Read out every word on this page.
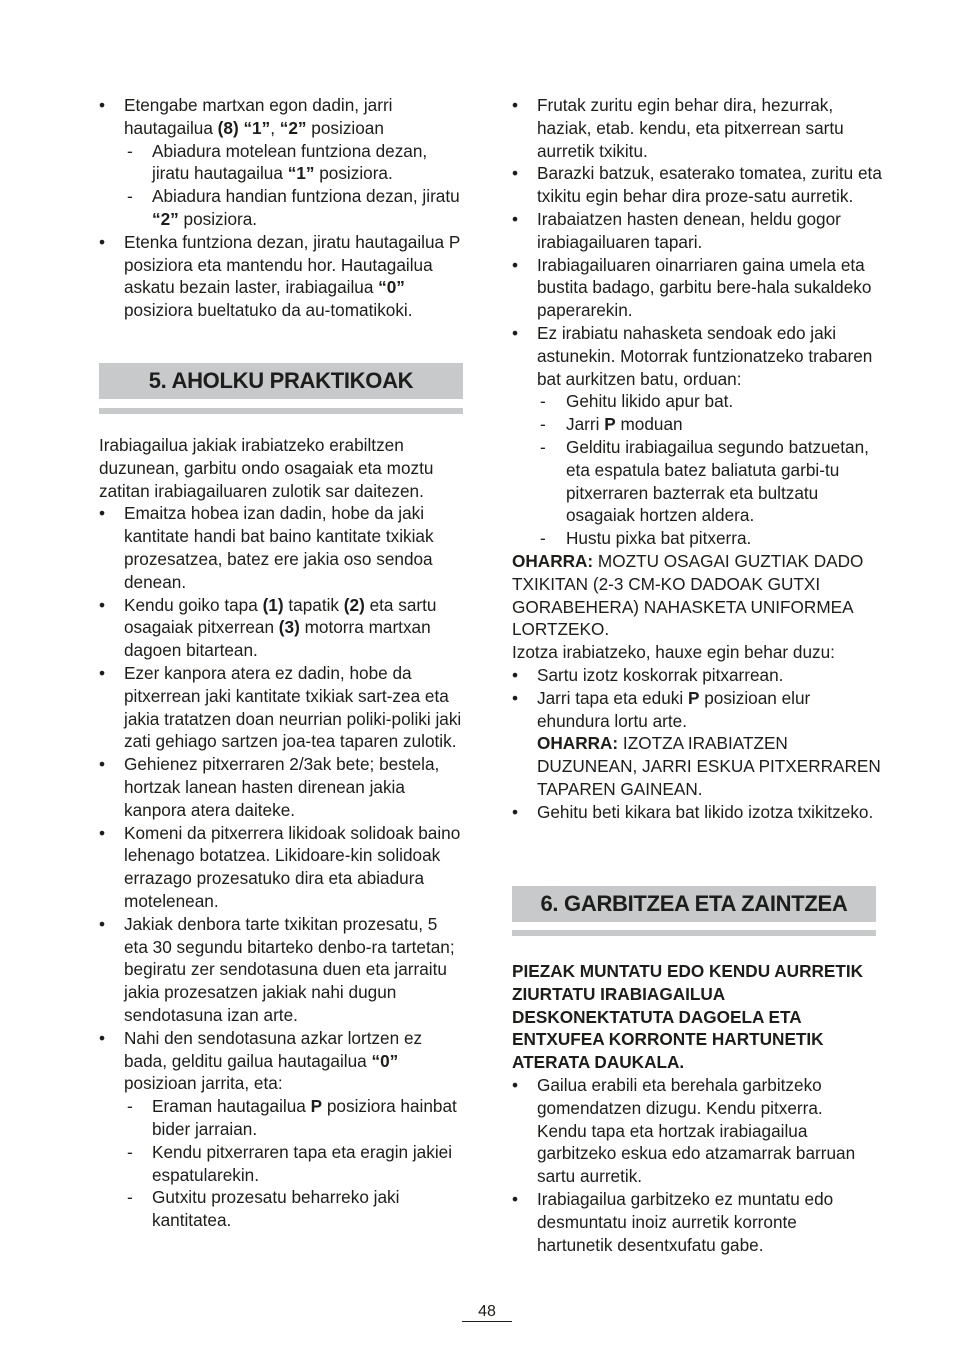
• Etengabe martxan egon dadin, jarri hautagailua (8) “1”, “2” posizioan

- Abiadura motelean funtziona dezan, jiratu hautagailua “1” posiziora.

- Abiadura handian funtziona dezan, jiratu “2” posiziora.

• Etenka funtziona dezan, jiratu hautagailua P posiziora eta mantendu hor. Hautagailua askatu bezain laster, irabiagailua “0” posiziora bueltatuko da au-tomatikoki.

5. AHOLKU PRAKTIKOAK

Irabiagailua jakiak irabiatzeko erabiltzen duzunean, garbitu ondo osagaiak eta moztu zatitan irabiagailuaren zulotik sar daitezen.

• Emaitza hobea izan dadin, hobe da jaki kantitate handi bat baino kantitate txikiak prozesatzea, batez ere jakia oso sendoa denean.

• Kendu goiko tapa (1) tapatik (2) eta sartu osagaiak pitxerrean (3) motorra martxan dagoen bitartean.

• Ezer kanpora atera ez dadin, hobe da pitxerrean jaki kantitate txikiak sart-zea eta jakia tratatzen doan neurrian poliki-poliki jaki zati gehiago sartzen joa-tea taparen zulotik.

• Gehienez pitxerraren 2/3ak bete; bestela, hortzak lanean hasten direnean jakia kanpora atera daiteke.

• Komeni da pitxerrera likidoak solidoak baino lehenago botatzea. Likidoare-kin solidoak errazago prozesatuko dira eta abiadura motelenean.

• Jakiak denbora tarte txikitan prozesatu, 5 eta 30 segundu bitarteko denbo-ra tartetan; begiratu zer sendotasuna duen eta jarraitu jakia prozesatzen jakiak nahi dugun sendotasuna izan arte.

• Nahi den sendotasuna azkar lortzen ez bada, gelditu gailua hautagailua “0” posizioan jarrita, eta:

- Eraman hautagailua P posiziora hainbat bider jarraian.

- Kendu pitxerraren tapa eta eragin jakiei espatularekin.

- Gutxitu prozesatu beharreko jaki kantitatea.

• Frutak zuritu egin behar dira, hezurrak, haziak, etab. kendu, eta pitxerrean sartu aurretik txikitu.

• Barazki batzuk, esaterako tomatea, zuritu eta txikitu egin behar dira proze-satu aurretik.

• Irabaiatzen hasten denean, heldu gogor irabiagailuaren tapari.

• Irabiagailuaren oinarriaren gaina umela eta bustita badago, garbitu bere-hala sukaldeko paperarekin.

• Ez irabiatu nahasketa sendoak edo jaki astunekin. Motorrak funtzionatzeko trabaren bat aurkitzen batu, orduan:

- Gehitu likido apur bat.

- Jarri P moduan

- Gelditu irabiagailua segundo batzuetan, eta espatula batez baliatuta garbi-tu pitxerraren bazterrak eta bultzatu osagaiak hortzen aldera.

- Hustu pixka bat pitxerra.

OHARRA: MOZTU OSAGAI GUZTIAK DADO TXIKITAN (2-3 CM-KO DADOAK GUTXI GORABEHERA) NAHASKETA UNIFORMEA LORTZEKO.

Izotza irabiatzeko, hauxe egin behar duzu:

• Sartu izotz koskorrak pitxarrean.

• Jarri tapa eta eduki P posizioan elur ehundura lortu arte.
OHARRA: IZOTZA IRABIATZEN DUZUNEAN, JARRI ESKUA PITXERRAREN TAPAREN GAINEAN.

• Gehitu beti kikara bat likido izotza txikitzeko.

6. GARBITZEA ETA ZAINTZEA

PIEZAK MUNTATU EDO KENDU AURRETIK ZIURTATU IRABIAGAILUA DESKONEKTATUTA DAGOELA ETA ENTXUFEA KORRONTE HARTUNETIK ATERATA DAUKALA.

• Gailua erabili eta berehala garbitzeko gomendatzen dizugu. Kendu pitxerra. Kendu tapa eta hortzak irabiagailua garbitzeko eskua edo atzamarrak barruan sartu aurretik.

• Irabiagailua garbitzeko ez muntatu edo desmuntatu inoiz aurretik korronte hartunetik desentxufatu gabe.

48
